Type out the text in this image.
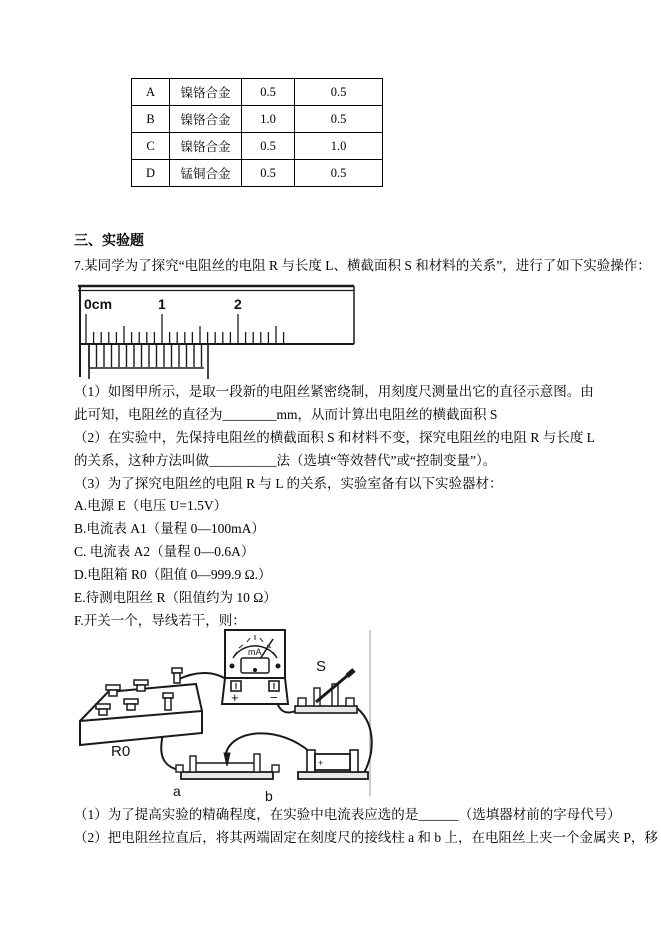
A	镍铬合金	0.5	0.5
B	镍铬合金	1.0	0.5
C	镍铬合金	0.5	1.0
D	锰铜合金	0.5	0.5
三、实验题
7.某同学为了探究“电阻丝的电阻 R 与长度 L、横截面积 S 和材料的关系”，进行了如下实验操作：
0cm	1	2
（1）如图甲所示，是取一段新的电阻丝紧密绕制，用刻度尺测量出它的直径示意图。由此可知，电阻丝的直径为________mm，从而计算出电阻丝的横截面积 S
（2）在实验中，先保持电阻丝的横截面积 S 和材料不变，探究电阻丝的电阻 R 与长度 L 的关系，这种方法叫做__________法（选填“等效替代”或“控制变量”）。
（3）为了探究电阻丝的电阻 R 与 L 的关系，实验室备有以下实验器材：
A.电源 E（电压 U=1.5V）
B.电流表 A1（量程 0—100mA）
C. 电流表 A2（量程 0—0.6A）
D.电阻箱 R0（阻值 0—999.9 Ω.）
E.待测电阻丝 R（阻值约为 10 Ω）
F.开关一个，导线若干，则：
R0
mA
+ −
S
+
a	b
（1）为了提高实验的精确程度，在实验中电流表应选的是______（选填器材前的字母代号）
（2）把电阻丝拉直后，将其两端固定在刻度尺的接线柱 a 和 b 上，在电阻丝上夹一个金属夹 P，移
